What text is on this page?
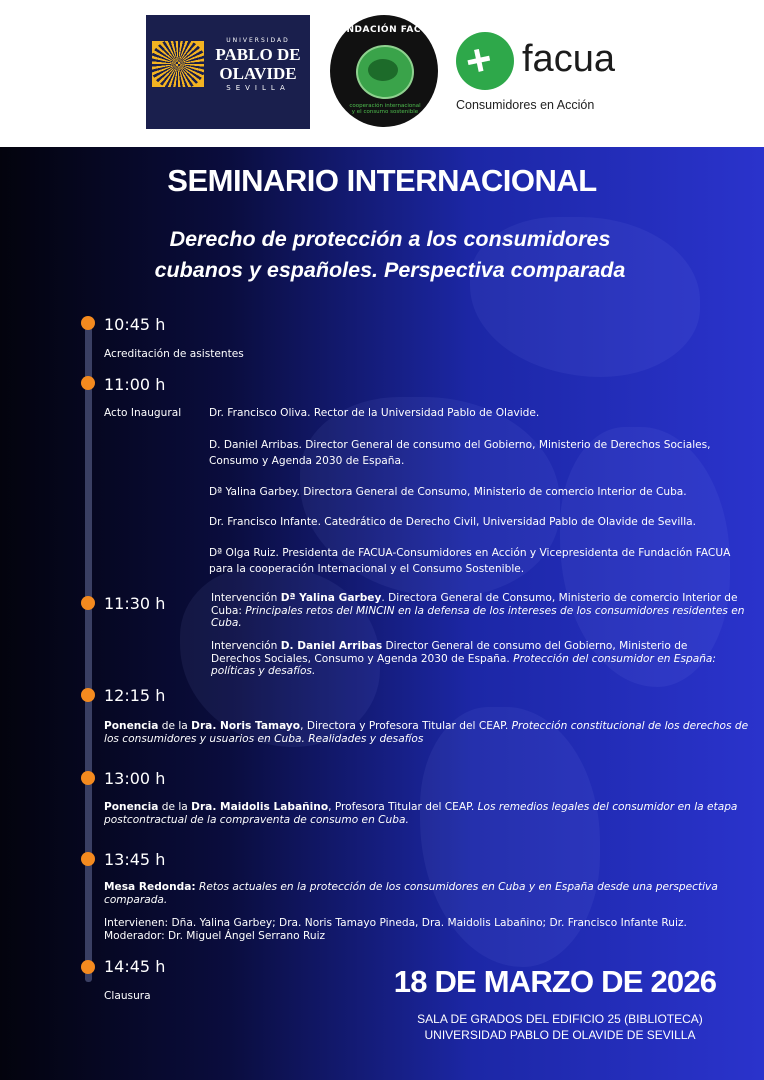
UNIVERSIDAD
PABLO DE
OLAVIDE
SEVILLA
FUNDACIÓN FACUA
cooperación internacional
y el consumo sostenible
+ facua
Consumidores en Acción
SEMINARIO INTERNACIONAL
Derecho de protección a los consumidores
cubanos y españoles. Perspectiva comparada
10:45 h
Acreditación de asistentes
11:00 h
Acto Inaugural	Dr. Francisco Oliva. Rector de la Universidad Pablo de Olavide.
D. Daniel Arribas. Director General de consumo del Gobierno, Ministerio de Derechos Sociales,
Consumo y Agenda 2030 de España.
Dª Yalina Garbey. Directora General de Consumo, Ministerio de comercio Interior de Cuba.
Dr. Francisco Infante. Catedrático de Derecho Civil, Universidad Pablo de Olavide de Sevilla.
Dª Olga Ruiz. Presidenta de FACUA-Consumidores en Acción y Vicepresidenta de Fundación FACUA
para la cooperación Internacional y el Consumo Sostenible.
11:30 h	Intervención Dª Yalina Garbey. Directora General de Consumo, Ministerio de comercio Interior de
Cuba: Principales retos del MINCIN en la defensa de los intereses de los consumidores residentes en
Cuba.
Intervención D. Daniel Arribas Director General de consumo del Gobierno, Ministerio de
Derechos Sociales, Consumo y Agenda 2030 de España. Protección del consumidor en España:
políticas y desafíos.
12:15 h
Ponencia de la Dra. Noris Tamayo, Directora y Profesora Titular del CEAP. Protección constitucional de los derechos de
los consumidores y usuarios en Cuba. Realidades y desafíos
13:00 h
Ponencia de la Dra. Maidolis Labañino, Profesora Titular del CEAP. Los remedios legales del consumidor en la etapa
postcontractual de la compraventa de consumo en Cuba.
13:45 h
Mesa Redonda: Retos actuales en la protección de los consumidores en Cuba y en España desde una perspectiva
comparada.
Intervienen: Dña. Yalina Garbey; Dra. Noris Tamayo Pineda, Dra. Maidolis Labañino; Dr. Francisco Infante Ruiz.
Moderador: Dr. Miguel Ángel Serrano Ruiz
14:45 h
Clausura	18 DE MARZO DE 2026
SALA DE GRADOS DEL EDIFICIO 25 (BIBLIOTECA)
UNIVERSIDAD PABLO DE OLAVIDE DE SEVILLA
